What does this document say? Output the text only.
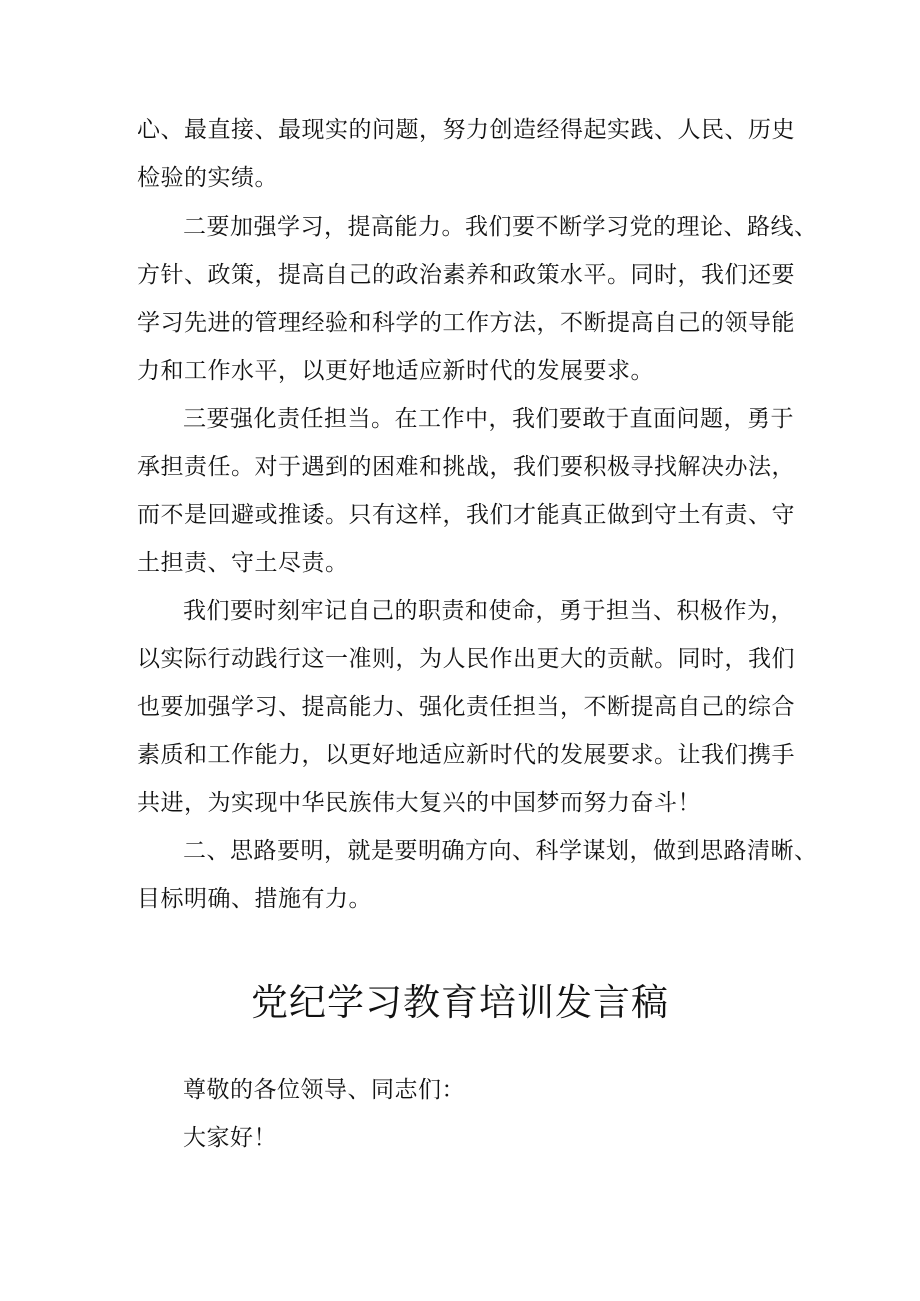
心、最直接、最现实的问题，努力创造经得起实践、人民、历史
检验的实绩。
二要加强学习，提高能力。我们要不断学习党的理论、路线、
方针、政策，提高自己的政治素养和政策水平。同时，我们还要
学习先进的管理经验和科学的工作方法，不断提高自己的领导能
力和工作水平，以更好地适应新时代的发展要求。
三要强化责任担当。在工作中，我们要敢于直面问题，勇于
承担责任。对于遇到的困难和挑战，我们要积极寻找解决办法，
而不是回避或推诿。只有这样，我们才能真正做到守土有责、守
土担责、守土尽责。
我们要时刻牢记自己的职责和使命，勇于担当、积极作为，
以实际行动践行这一准则，为人民作出更大的贡献。同时，我们
也要加强学习、提高能力、强化责任担当，不断提高自己的综合
素质和工作能力，以更好地适应新时代的发展要求。让我们携手
共进，为实现中华民族伟大复兴的中国梦而努力奋斗！
二、思路要明，就是要明确方向、科学谋划，做到思路清晰、
目标明确、措施有力。
党纪学习教育培训发言稿
尊敬的各位领导、同志们：
大家好！
